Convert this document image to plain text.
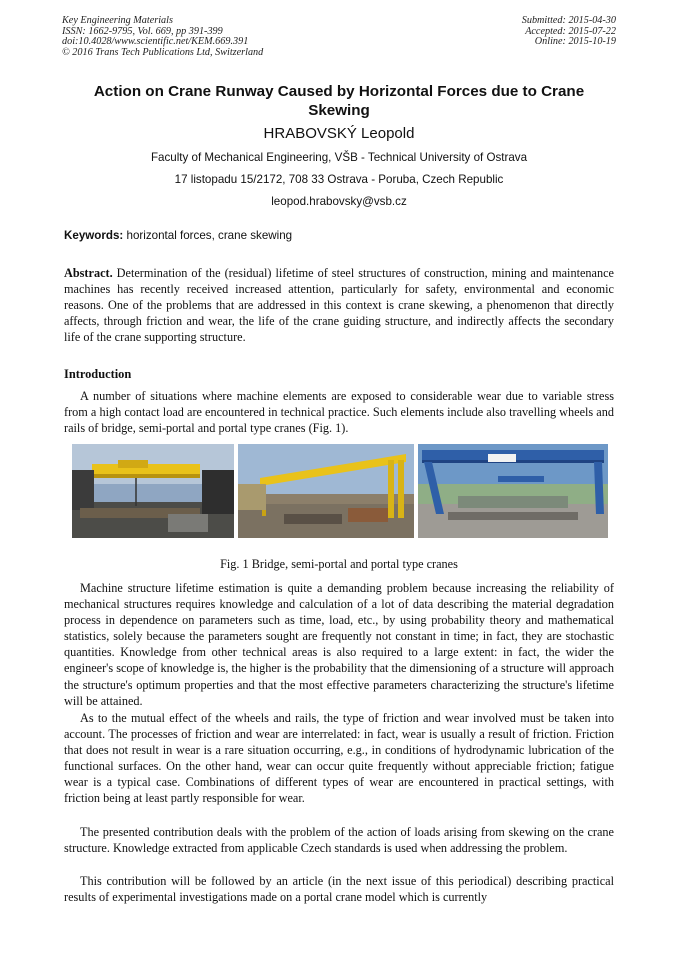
Key Engineering Materials
ISSN: 1662-9795, Vol. 669, pp 391-399
doi:10.4028/www.scientific.net/KEM.669.391
© 2016 Trans Tech Publications Ltd, Switzerland
Submitted: 2015-04-30
Accepted: 2015-07-22
Online: 2015-10-19
Action on Crane Runway Caused by Horizontal Forces due to Crane Skewing
HRABOVSKÝ Leopold
Faculty of Mechanical Engineering, VŠB - Technical University of Ostrava
17 listopadu 15/2172, 708 33 Ostrava - Poruba, Czech Republic
leopod.hrabovsky@vsb.cz
Keywords: horizontal forces, crane skewing
Abstract. Determination of the (residual) lifetime of steel structures of construction, mining and maintenance machines has recently received increased attention, particularly for safety, environmental and economic reasons. One of the problems that are addressed in this context is crane skewing, a phenomenon that directly affects, through friction and wear, the life of the crane guiding structure, and indirectly affects the secondary life of the crane supporting structure.
Introduction
A number of situations where machine elements are exposed to considerable wear due to variable stress from a high contact load are encountered in technical practice. Such elements include also travelling wheels and rails of bridge, semi-portal and portal type cranes (Fig. 1).
Fig. 1 Bridge, semi-portal and portal type cranes
Machine structure lifetime estimation is quite a demanding problem because increasing the reliability of mechanical structures requires knowledge and calculation of a lot of data describing the material degradation process in dependence on parameters such as time, load, etc., by using probability theory and mathematical statistics, solely because the parameters sought are frequently not constant in time; in fact, they are stochastic quantities. Knowledge from other technical areas is also required to a large extent: in fact, the wider the engineer's scope of knowledge is, the higher is the probability that the dimensioning of a structure will approach the structure's optimum properties and that the most effective parameters characterizing the structure's lifetime will be attained.
As to the mutual effect of the wheels and rails, the type of friction and wear involved must be taken into account. The processes of friction and wear are interrelated: in fact, wear is usually a result of friction. Friction that does not result in wear is a rare situation occurring, e.g., in conditions of hydrodynamic lubrication of the functional surfaces. On the other hand, wear can occur quite frequently without appreciable friction; fatigue wear is a typical case. Combinations of different types of wear are encountered in practical settings, with friction being at least partly responsible for wear.
The presented contribution deals with the problem of the action of loads arising from skewing on the crane structure. Knowledge extracted from applicable Czech standards is used when addressing the problem.
This contribution will be followed by an article (in the next issue of this periodical) describing practical results of experimental investigations made on a portal crane model which is currently
